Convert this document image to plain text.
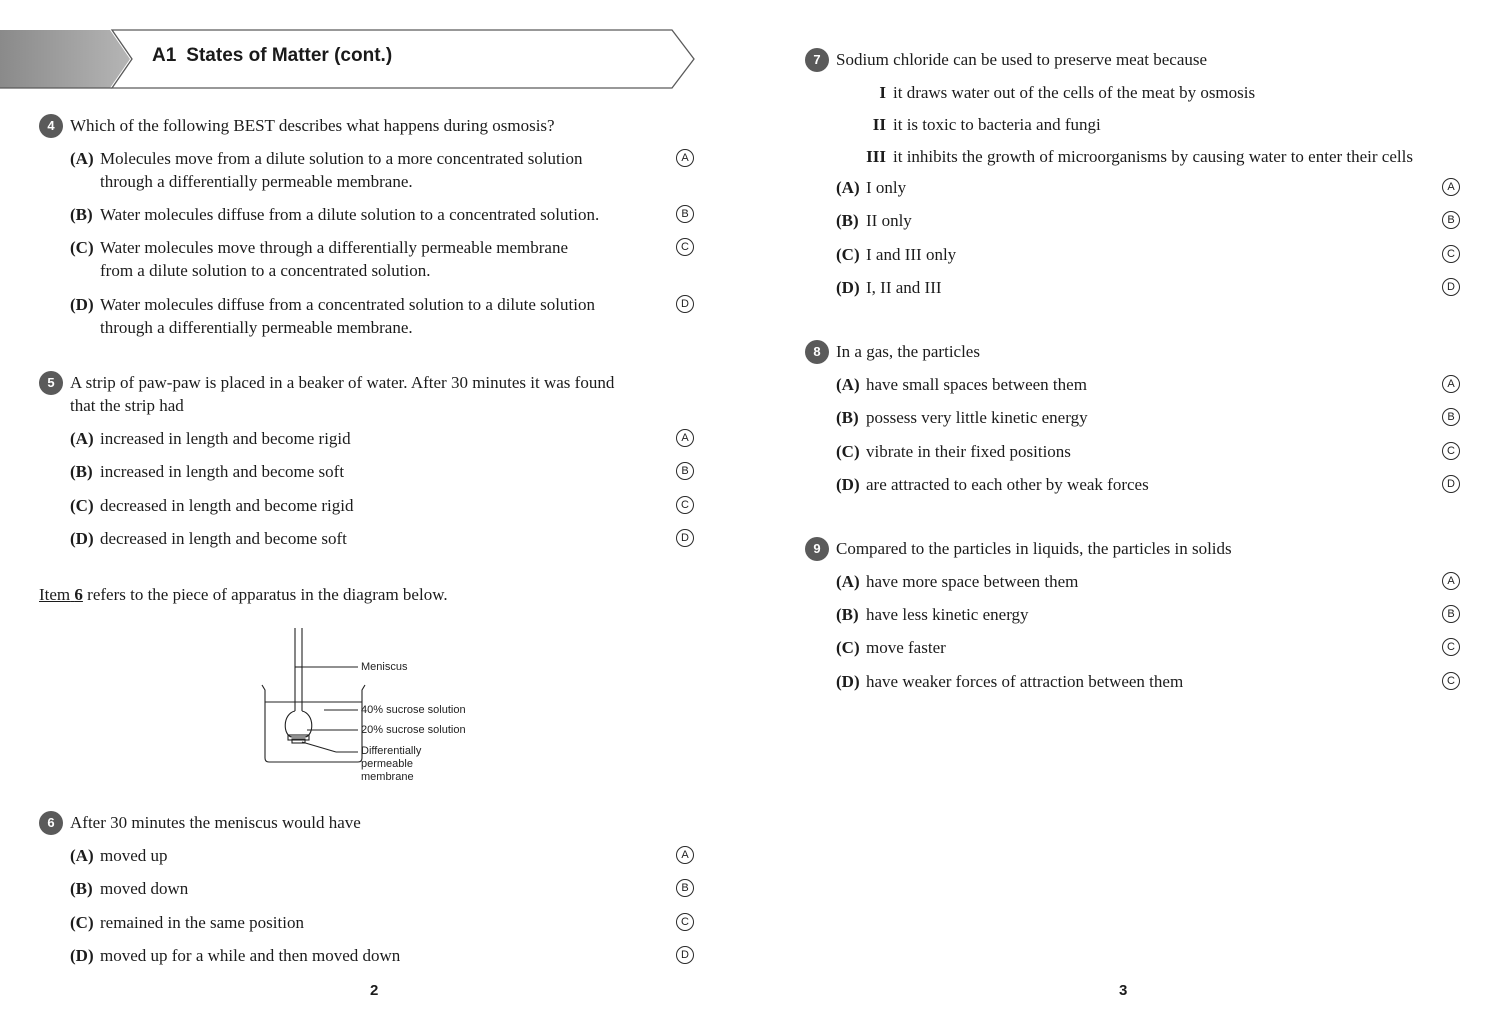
A1 States of Matter (cont.)
4 Which of the following BEST describes what happens during osmosis?
(A) Molecules move from a dilute solution to a more concentrated solution
through a differentially permeable membrane.
A
(B) Water molecules diffuse from a dilute solution to a concentrated solution.	B
(C) Water molecules move through a differentially permeable membrane
from a dilute solution to a concentrated solution.
C
(D) Water molecules diffuse from a concentrated solution to a dilute solution
through a differentially permeable membrane.
D
5 A strip of paw-paw is placed in a beaker of water. After 30 minutes it was found
that the strip had
(A) increased in length and become rigid	A
(B) increased in length and become soft	B
(C) decreased in length and become rigid	C
(D) decreased in length and become soft	D
Item 6 refers to the piece of apparatus in the diagram below.
Meniscus
40% sucrose solution
20% sucrose solution
Differentially
permeable
membrane
6 After 30 minutes the meniscus would have
(A) moved up	A
(B) moved down	B
(C) remained in the same position	C
(D) moved up for a while and then moved down	D
2
7 Sodium chloride can be used to preserve meat because
I it draws water out of the cells of the meat by osmosis
II it is toxic to bacteria and fungi
III it inhibits the growth of microorganisms by causing water to enter their cells
(A) I only	A
(B) II only	B
(C) I and III only	C
(D) I, II and III	D
8 In a gas, the particles
(A) have small spaces between them	A
(B) possess very little kinetic energy	B
(C) vibrate in their fixed positions	C
(D) are attracted to each other by weak forces	D
9 Compared to the particles in liquids, the particles in solids
(A) have more space between them	A
(B) have less kinetic energy	B
(C) move faster	C
(D) have weaker forces of attraction between them	C
3
